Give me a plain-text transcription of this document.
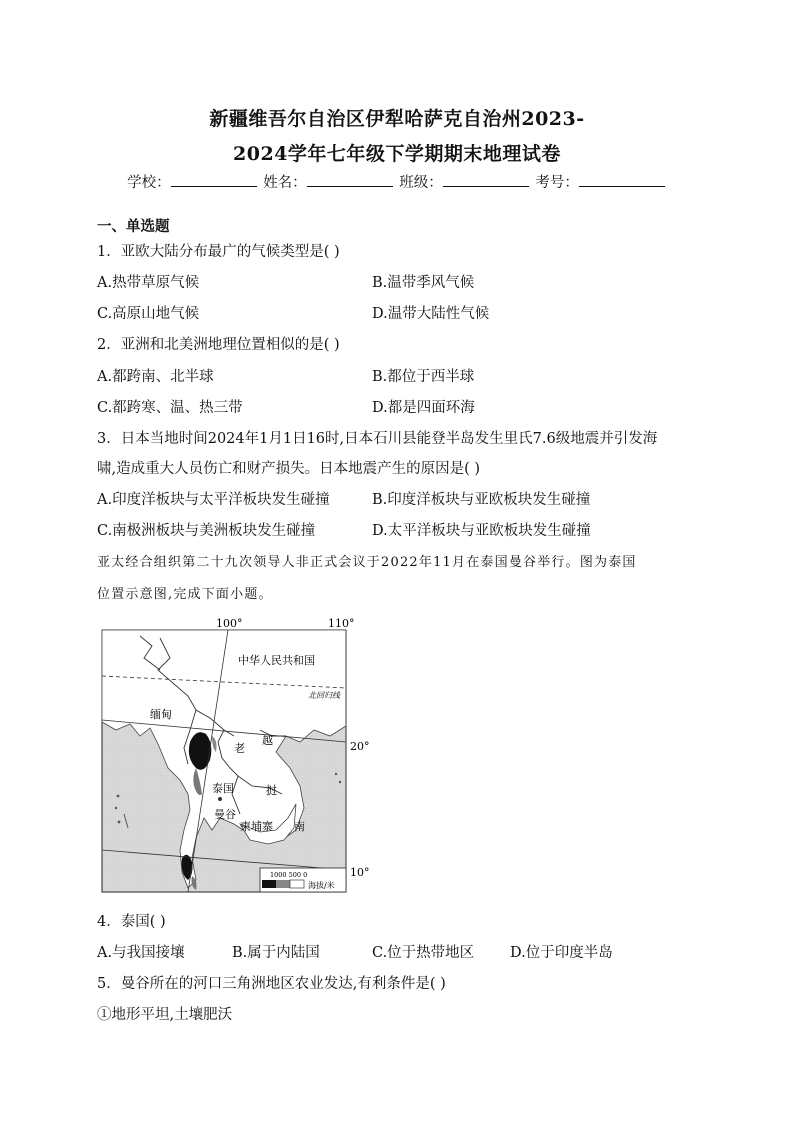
新疆维吾尔自治区伊犁哈萨克自治州2023-
2024学年七年级下学期期末地理试卷
学校：	姓名：	班级：	考号：
一、单选题
1．亚欧大陆分布最广的气候类型是( )
A.热带草原气候	B.温带季风气候
C.高原山地气候	D.温带大陆性气候
2．亚洲和北美洲地理位置相似的是( )
A.都跨南、北半球	B.都位于西半球
C.都跨寒、温、热三带	D.都是四面环海
3．日本当地时间2024年1月1日16时,日本石川县能登半岛发生里氏7.6级地震并引发海
啸,造成重大人员伤亡和财产损失。日本地震产生的原因是( )
A.印度洋板块与太平洋板块发生碰撞	B.印度洋板块与亚欧板块发生碰撞
C.南极洲板块与美洲板块发生碰撞	D.太平洋板块与亚欧板块发生碰撞
亚太经合组织第二十九次领导人非正式会议于2022年11月在泰国曼谷举行。图为泰国
位置示意图,完成下面小题。
100°	110°
20°
10°
中华人民共和国
北回归线
缅甸
老
越
泰国	挝
曼谷
柬埔寨 南
1000 500 0
海拔/米
4．泰国( )
A.与我国接壤	B.属于内陆国	C.位于热带地区 D.位于印度半岛
5．曼谷所在的河口三角洲地区农业发达,有利条件是( )
①地形平坦,土壤肥沃
